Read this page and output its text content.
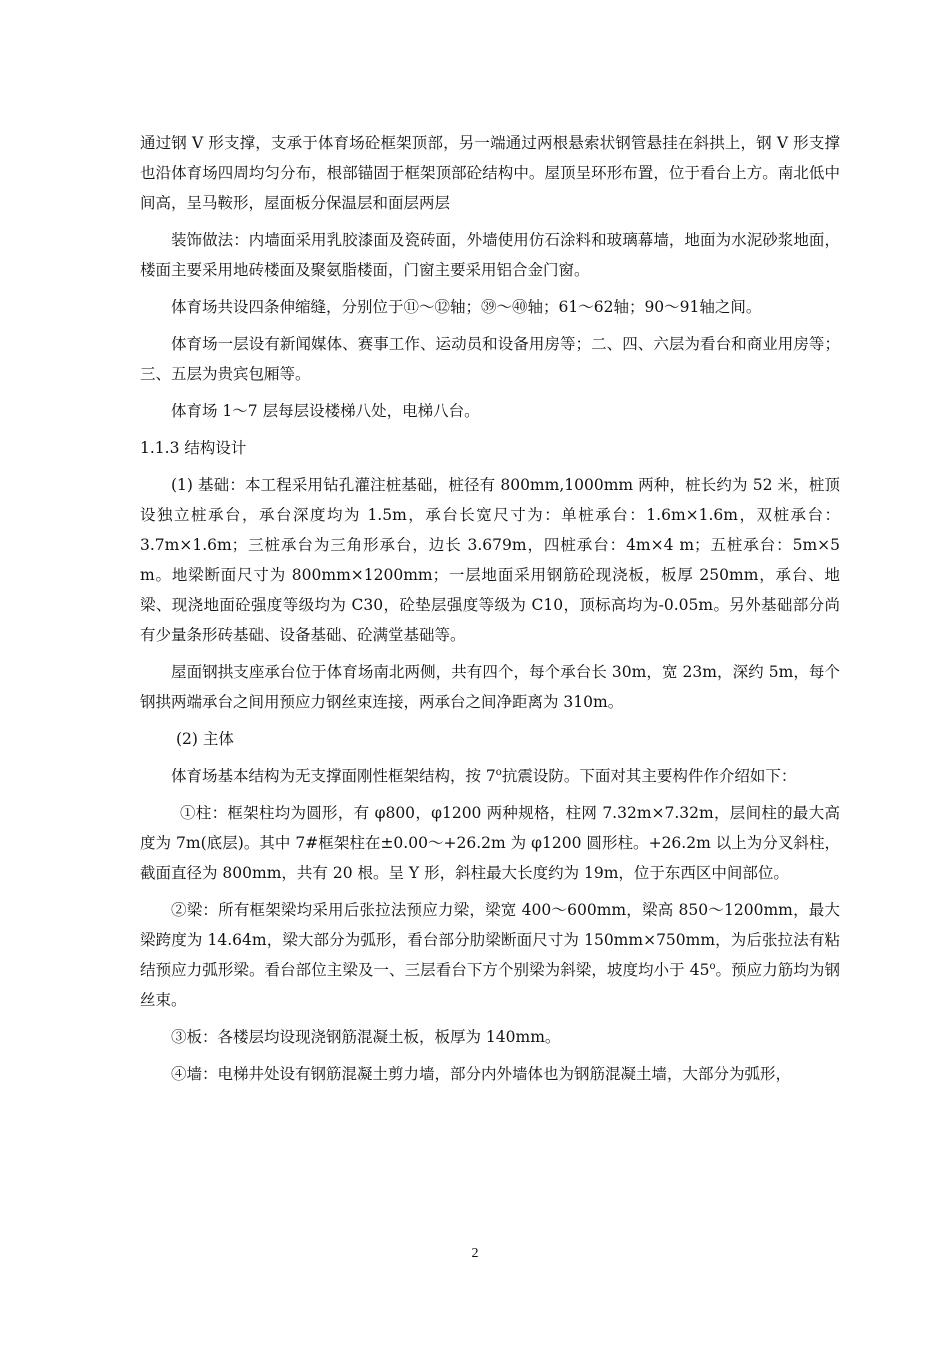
通过钢 V 形支撑，支承于体育场砼框架顶部，另一端通过两根悬索状钢管悬挂在斜拱上，钢 V 形支撑也沿体育场四周均匀分布，根部锚固于框架顶部砼结构中。屋顶呈环形布置，位于看台上方。南北低中间高，呈马鞍形，屋面板分保温层和面层两层

装饰做法：内墙面采用乳胶漆面及瓷砖面，外墙使用仿石涂料和玻璃幕墙，地面为水泥砂浆地面，楼面主要采用地砖楼面及聚氨脂楼面，门窗主要采用铝合金门窗。

体育场共设四条伸缩缝，分别位于⑪～⑫轴；㊴～㊵轴；61～62轴；90～91轴之间。

体育场一层设有新闻媒体、赛事工作、运动员和设备用房等；二、四、六层为看台和商业用房等；三、五层为贵宾包厢等。

体育场 1～7 层每层设楼梯八处，电梯八台。

1.1.3 结构设计

(1) 基础：本工程采用钻孔灌注桩基础，桩径有 800mm,1000mm 两种，桩长约为 52 米，桩顶设独立桩承台，承台深度均为 1.5m，承台长宽尺寸为：单桩承台：1.6m×1.6m，双桩承台：3.7m×1.6m；三桩承台为三角形承台，边长 3.679m，四桩承台：4m×4 m；五桩承台：5m×5 m。地梁断面尺寸为 800mm×1200mm；一层地面采用钢筋砼现浇板，板厚 250mm，承台、地梁、现浇地面砼强度等级均为 C30，砼垫层强度等级为 C10，顶标高均为-0.05m。另外基础部分尚有少量条形砖基础、设备基础、砼满堂基础等。

屋面钢拱支座承台位于体育场南北两侧，共有四个，每个承台长 30m，宽 23m，深约 5m，每个钢拱两端承台之间用预应力钢丝束连接，两承台之间净距离为 310m。

(2) 主体

体育场基本结构为无支撑面刚性框架结构，按 7$^o$抗震设防。下面对其主要构件作介绍如下：

①柱：框架柱均为圆形，有 φ800，φ1200 两种规格，柱网 7.32m×7.32m，层间柱的最大高度为 7m(底层)。其中 7#框架柱在±0.00～+26.2m 为 φ1200 圆形柱。+26.2m 以上为分叉斜柱，截面直径为 800mm，共有 20 根。呈 Y 形，斜柱最大长度约为 19m，位于东西区中间部位。

②梁：所有框架梁均采用后张拉法预应力梁，梁宽 400～600mm，梁高 850～1200mm，最大梁跨度为 14.64m，梁大部分为弧形，看台部分肋梁断面尺寸为 150mm×750mm，为后张拉法有粘结预应力弧形梁。看台部位主梁及一、三层看台下方个别梁为斜梁，坡度均小于 45$^o$。预应力筋均为钢丝束。

③板：各楼层均设现浇钢筋混凝土板，板厚为 140mm。

④墙：电梯井处设有钢筋混凝土剪力墙，部分内外墙体也为钢筋混凝土墙，大部分为弧形，

2
